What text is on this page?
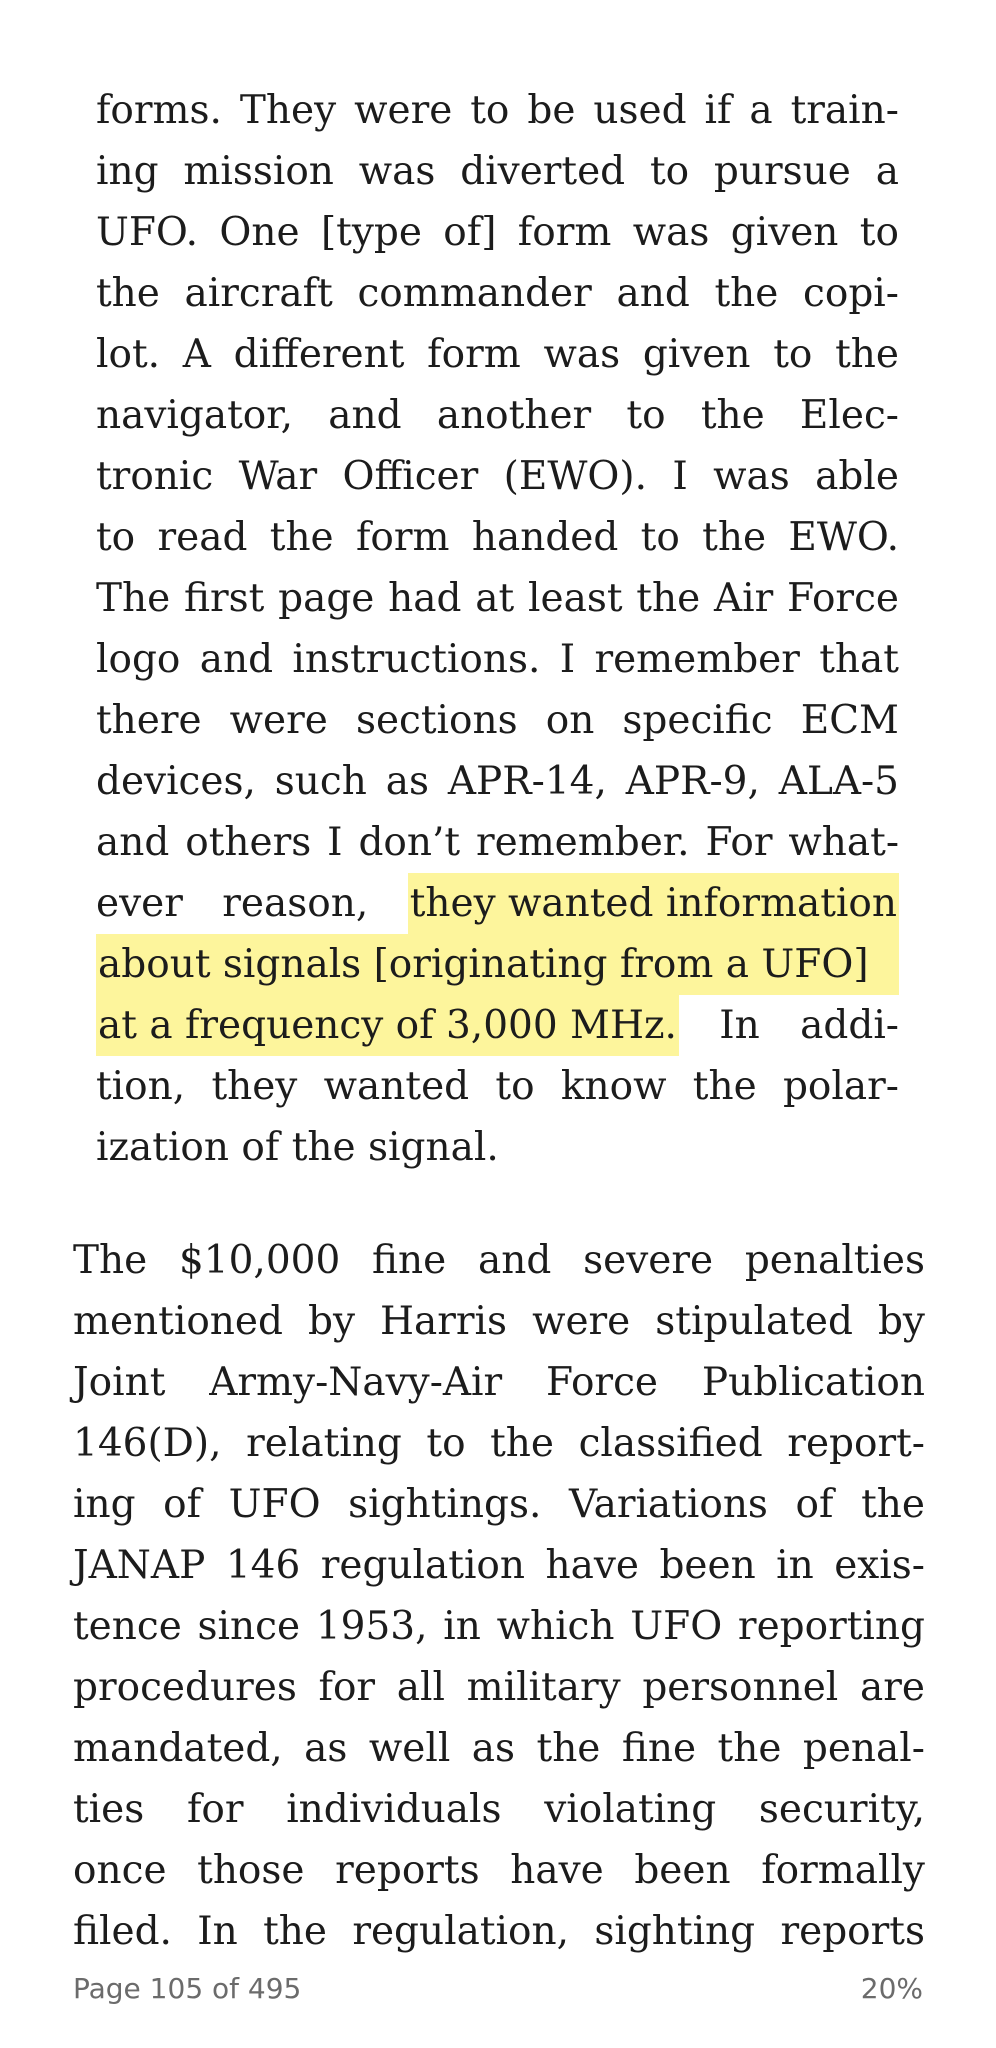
forms. They were to be used if a train-
ing mission was diverted to pursue a
UFO. One [type of] form was given to
the aircraft commander and the copi-
lot. A different form was given to the
navigator, and another to the Elec-
tronic War Officer (EWO). I was able
to read the form handed to the EWO.
The first page had at least the Air Force
logo and instructions. I remember that
there were sections on specific ECM
devices, such as APR-14, APR-9, ALA-5
and others I don’t remember. For what-
ever reason, they wanted information
about signals [originating from a UFO]
at a frequency of 3,000 MHz. In addi-
tion, they wanted to know the polar-
ization
of
the
signal.
The $10,000 fine and severe penalties
mentioned by Harris were stipulated by
Joint Army-Navy-Air Force Publication
146(D), relating to the classified report-
ing of UFO sightings. Variations of the
JANAP 146 regulation have been in exis-
tence since 1953, in which UFO reporting
procedures for all military personnel are
mandated, as well as the fine the penal-
ties for individuals violating security,
once those reports have been formally
filed. In the regulation, sighting reports
Page 105 of 495	20%
